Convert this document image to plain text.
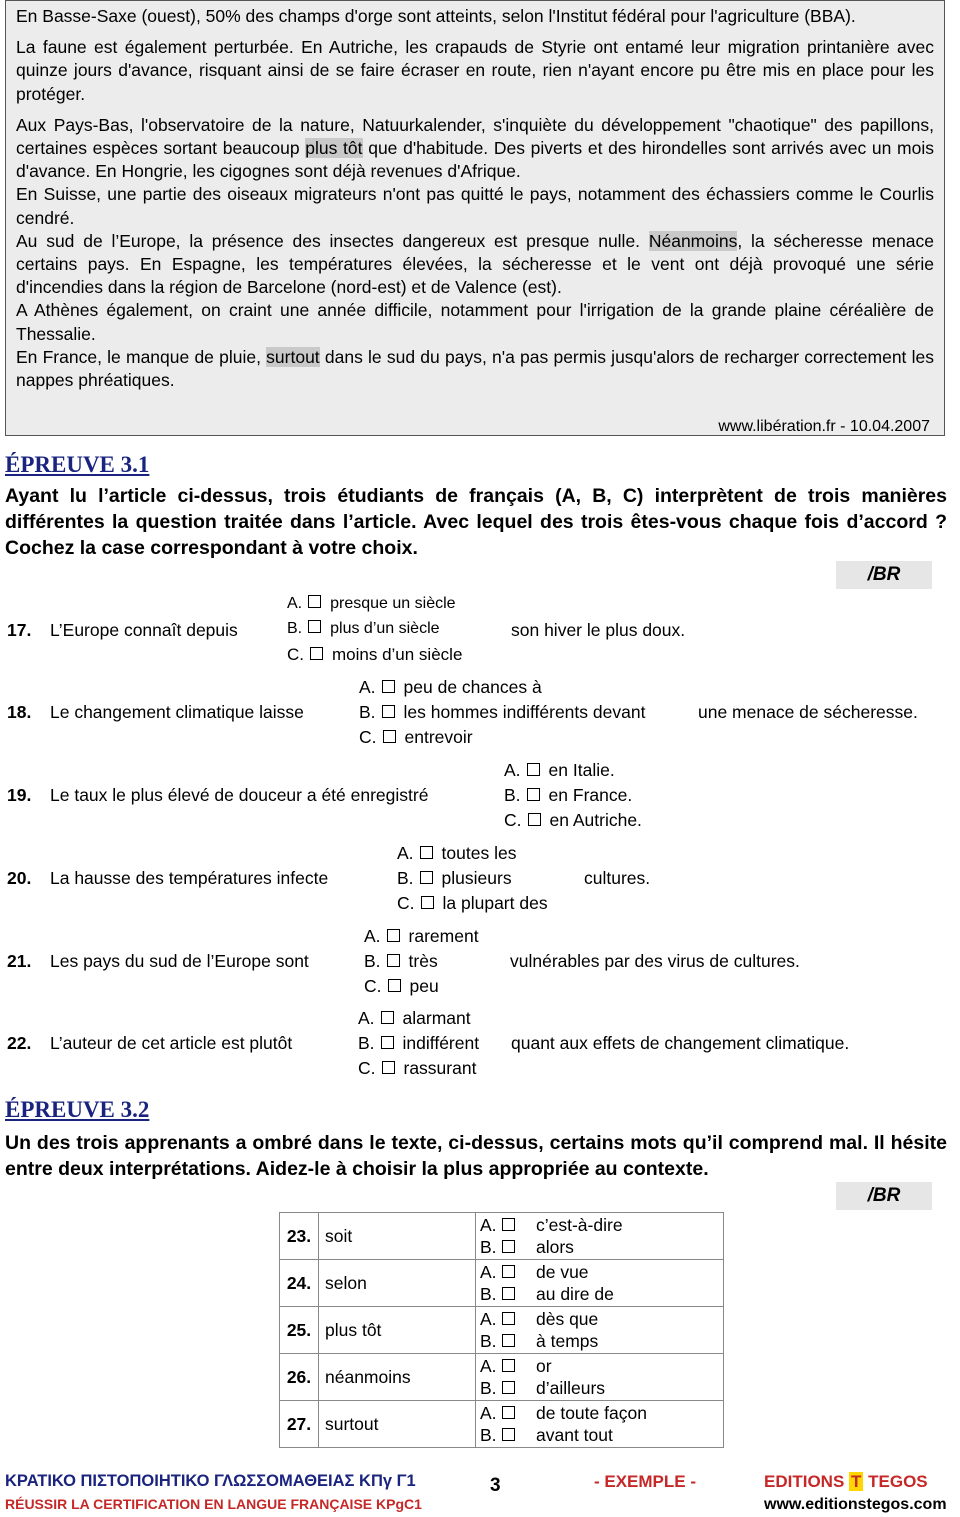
En Basse-Saxe (ouest), 50% des champs d'orge sont atteints, selon l'Institut fédéral pour l'agriculture (BBA).

La faune est également perturbée. En Autriche, les crapauds de Styrie ont entamé leur migration printanière avec quinze jours d'avance, risquant ainsi de se faire écraser en route, rien n'ayant encore pu être mis en place pour les protéger.

Aux Pays-Bas, l'observatoire de la nature, Natuurkalender, s'inquiète du développement "chaotique" des papillons, certaines espèces sortant beaucoup plus tôt que d'habitude. Des piverts et des hirondelles sont arrivés avec un mois d'avance. En Hongrie, les cigognes sont déjà revenues d'Afrique.

En Suisse, une partie des oiseaux migrateurs n'ont pas quitté le pays, notamment des échassiers comme le Courlis cendré.

Au sud de l’Europe, la présence des insectes dangereux est presque nulle. Néanmoins, la sécheresse menace certains pays. En Espagne, les températures élevées, la sécheresse et le vent ont déjà provoqué une série d'incendies dans la région de Barcelone (nord-est) et de Valence (est).

A Athènes également, on craint une année difficile, notamment pour l'irrigation de la grande plaine céréalière de Thessalie.

En France, le manque de pluie, surtout dans le sud du pays, n'a pas permis jusqu'alors de recharger correctement les nappes phréatiques.

www.libération.fr - 10.04.2007
ÉPREUVE 3.1
Ayant lu l’article ci-dessus, trois étudiants de français (A, B, C) interprètent de trois manières différentes la question traitée dans l’article. Avec lequel des trois êtes-vous chaque fois d’accord ? Cochez la case correspondant à votre choix.
/BR
17. L’Europe connaît depuis
A. presque un siècle
B. plus d’un siècle
C. moins d’un siècle
son hiver le plus doux.
18. Le changement climatique laisse
A. peu de chances à
B. les hommes indifférents devant
C. entrevoir
une menace de sécheresse.
19. Le taux le plus élevé de douceur a été enregistré
A. en Italie.
B. en France.
C. en Autriche.
20. La hausse des températures infecte
A. toutes les
B. plusieurs
C. la plupart des
cultures.
21. Les pays du sud de l’Europe sont
A. rarement
B. très
C. peu
vulnérables par des virus de cultures.
22. L’auteur de cet article est plutôt
A. alarmant
B. indifférent
C. rassurant
quant aux effets de changement climatique.
ÉPREUVE 3.2
Un des trois apprenants a ombré dans le texte, ci-dessus, certains mots qu’il comprend mal. Il hésite entre deux interprétations. Aidez-le à choisir la plus appropriée au contexte.
/BR
23.	soit	A. c’est-à-dire
B. alors

24.	selon	A. de vue
B. au dire de

25.	plus tôt	A. dès que
B. à temps

26.	néanmoins	A. or
B. d’ailleurs

27.	surtout	A. de toute façon
B. avant tout
ΚΡΑΤΙΚΟ ΠΙΣΤΟΠΟΙΗΤΙΚΟ ΓΛΩΣΣΟΜΑΘΕΙΑΣ ΚΠγ Γ1
RÉUSSIR LA CERTIFICATION EN LANGUE FRANÇAISE KPgC1
3	- EXEMPLE -	EDITIONS T TEGOS
www.editionstegos.com
